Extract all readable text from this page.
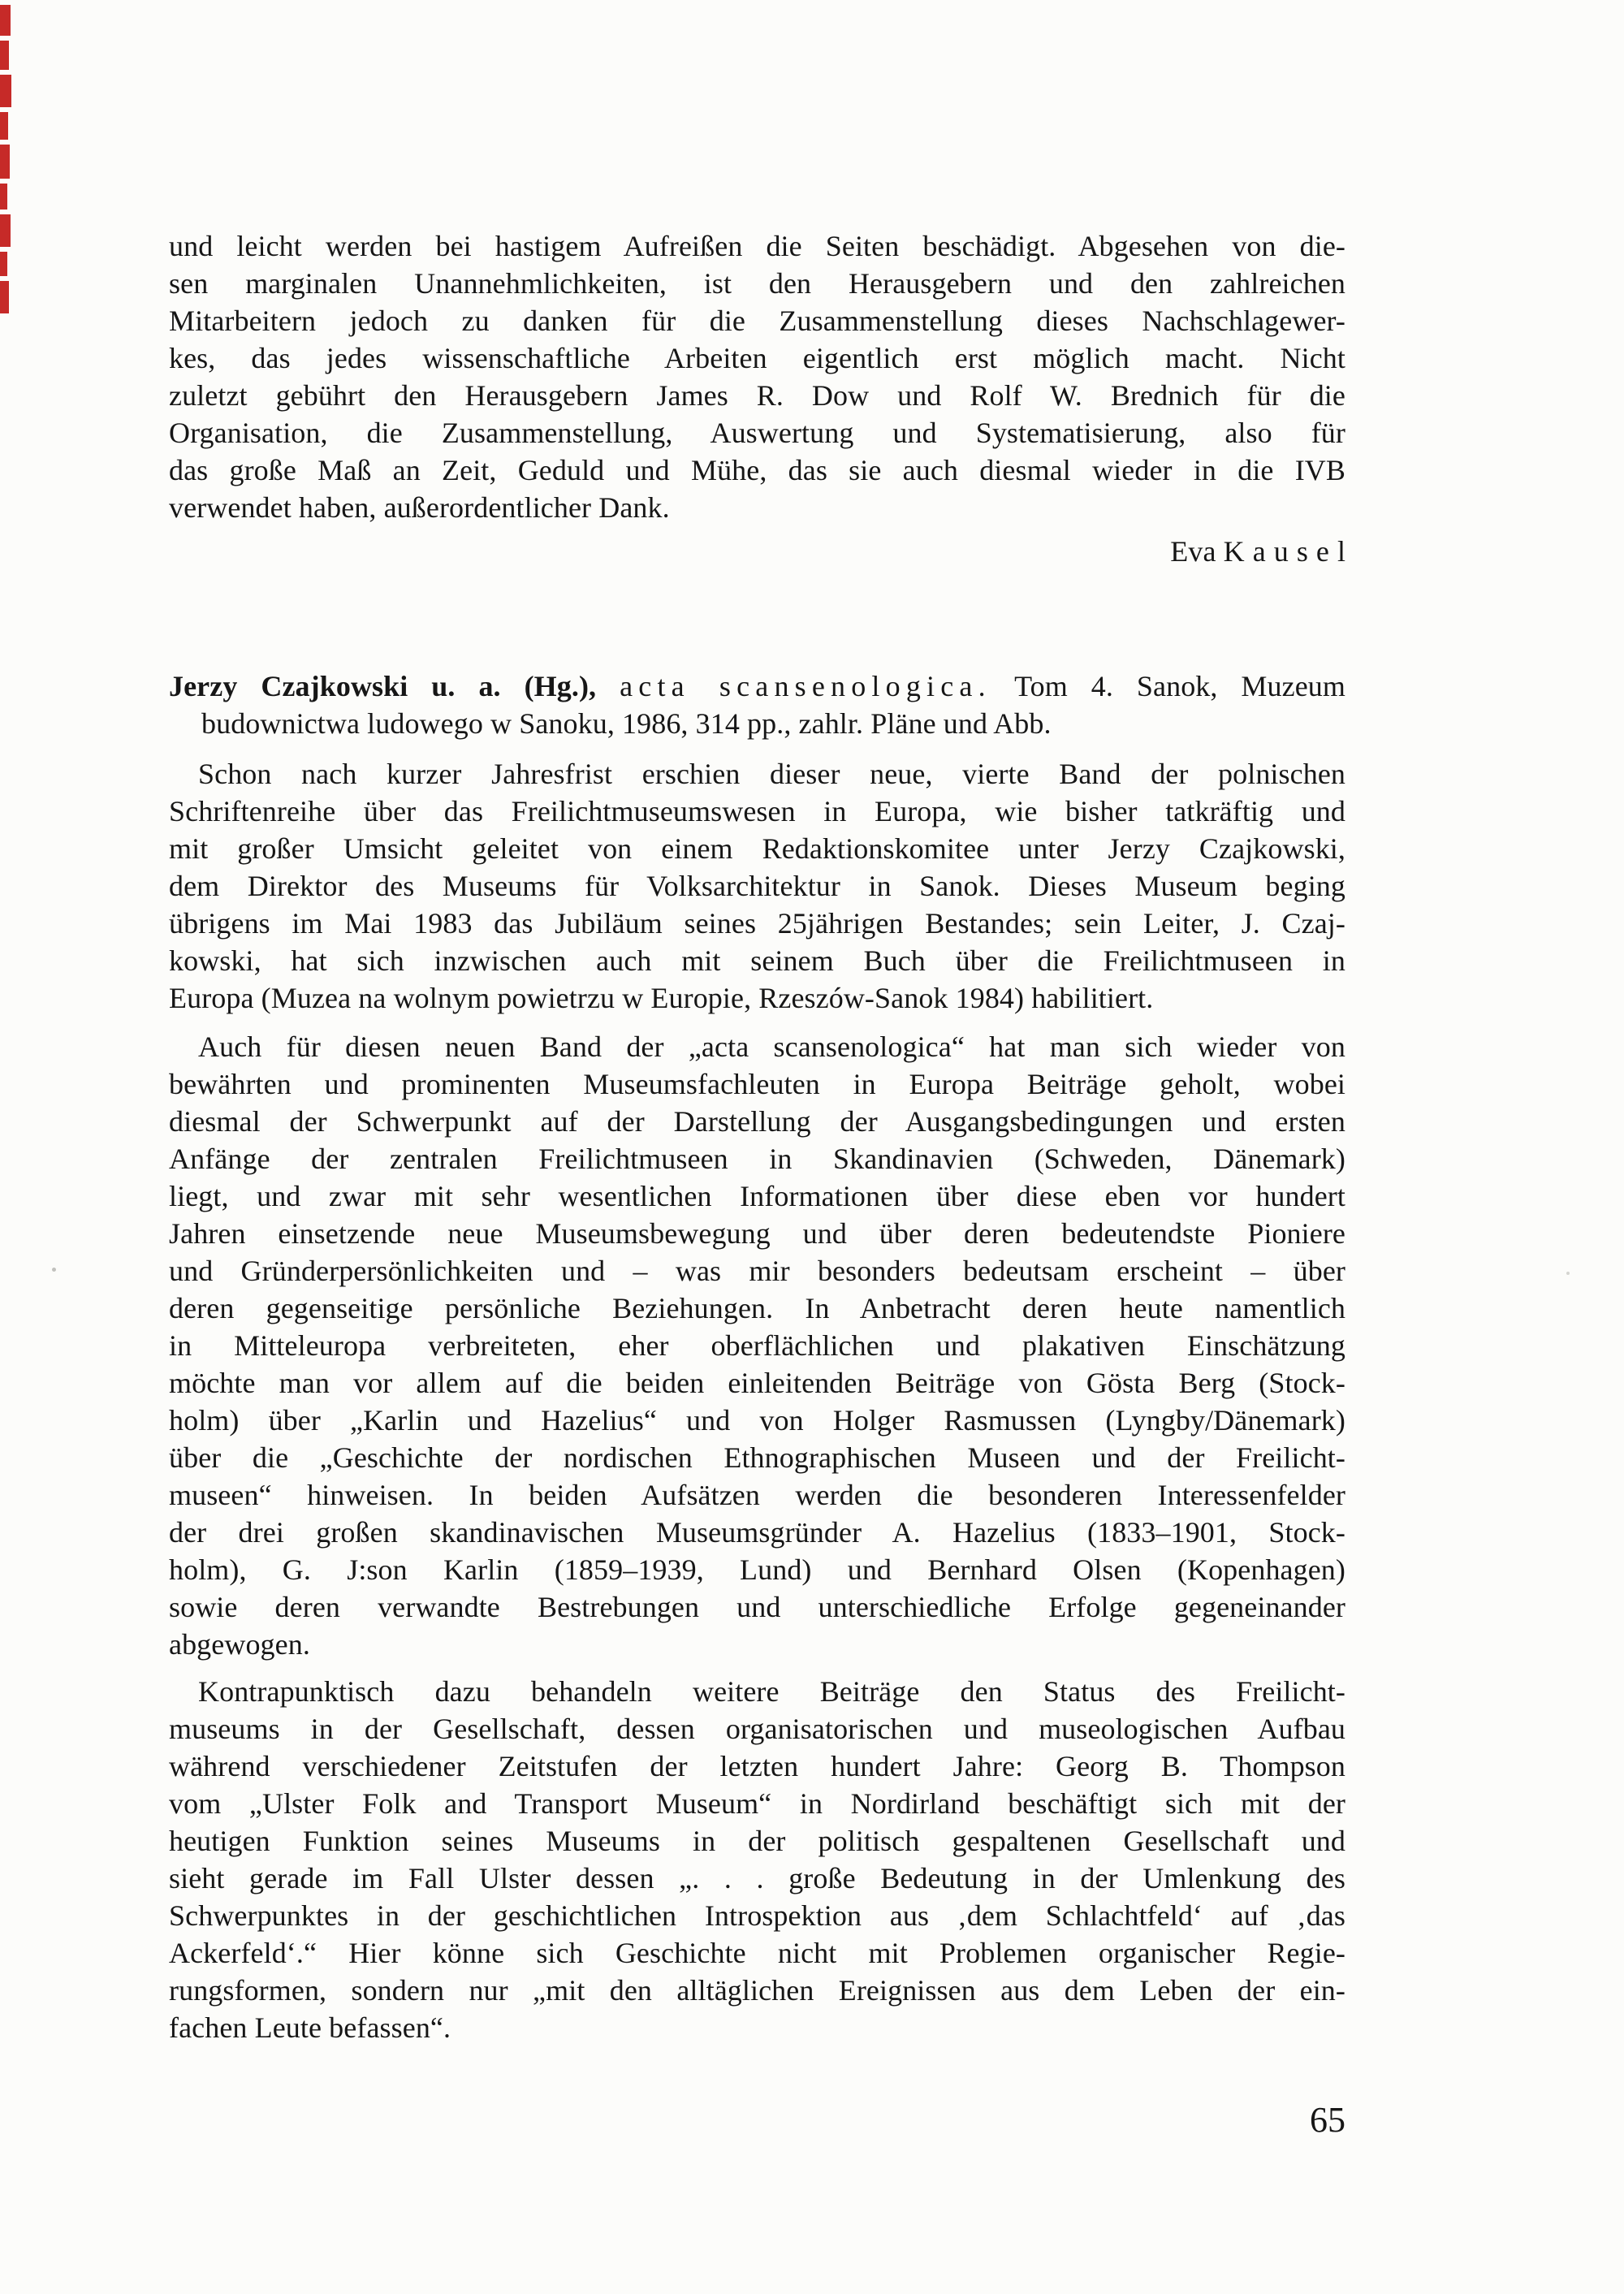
und leicht werden bei hastigem Aufreißen die Seiten beschädigt. Abgesehen von die-
sen marginalen Unannehmlichkeiten, ist den Herausgebern und den zahlreichen
Mitarbeitern jedoch zu danken für die Zusammenstellung dieses Nachschlagewer-
kes, das jedes wissenschaftliche Arbeiten eigentlich erst möglich macht. Nicht
zuletzt gebührt den Herausgebern James R. Dow und Rolf W. Brednich für die
Organisation, die Zusammenstellung, Auswertung und Systematisierung, also für
das große Maß an Zeit, Geduld und Mühe, das sie auch diesmal wieder in die IVB
verwendet haben, außerordentlicher Dank.
Eva Kausel
Jerzy Czajkowski u. a. (Hg.), acta scansenologica. Tom 4. Sanok, Muzeum
budownictwa ludowego w Sanoku, 1986, 314 pp., zahlr. Pläne und Abb.
Schon nach kurzer Jahresfrist erschien dieser neue, vierte Band der polnischen
Schriftenreihe über das Freilichtmuseumswesen in Europa, wie bisher tatkräftig und
mit großer Umsicht geleitet von einem Redaktionskomitee unter Jerzy Czajkowski,
dem Direktor des Museums für Volksarchitektur in Sanok. Dieses Museum beging
übrigens im Mai 1983 das Jubiläum seines 25jährigen Bestandes; sein Leiter, J. Czaj-
kowski, hat sich inzwischen auch mit seinem Buch über die Freilichtmuseen in
Europa (Muzea na wolnym powietrzu w Europie, Rzeszów-Sanok 1984) habilitiert.
Auch für diesen neuen Band der „acta scansenologica“ hat man sich wieder von
bewährten und prominenten Museumsfachleuten in Europa Beiträge geholt, wobei
diesmal der Schwerpunkt auf der Darstellung der Ausgangsbedingungen und ersten
Anfänge der zentralen Freilichtmuseen in Skandinavien (Schweden, Dänemark)
liegt, und zwar mit sehr wesentlichen Informationen über diese eben vor hundert
Jahren einsetzende neue Museumsbewegung und über deren bedeutendste Pioniere
und Gründerpersönlichkeiten und – was mir besonders bedeutsam erscheint – über
deren gegenseitige persönliche Beziehungen. In Anbetracht deren heute namentlich
in Mitteleuropa verbreiteten, eher oberflächlichen und plakativen Einschätzung
möchte man vor allem auf die beiden einleitenden Beiträge von Gösta Berg (Stock-
holm) über „Karlin und Hazelius“ und von Holger Rasmussen (Lyngby/Dänemark)
über die „Geschichte der nordischen Ethnographischen Museen und der Freilicht-
museen“ hinweisen. In beiden Aufsätzen werden die besonderen Interessenfelder
der drei großen skandinavischen Museumsgründer A. Hazelius (1833–1901, Stock-
holm), G. J:son Karlin (1859–1939, Lund) und Bernhard Olsen (Kopenhagen)
sowie deren verwandte Bestrebungen und unterschiedliche Erfolge gegeneinander
abgewogen.
Kontrapunktisch dazu behandeln weitere Beiträge den Status des Freilicht-
museums in der Gesellschaft, dessen organisatorischen und museologischen Aufbau
während verschiedener Zeitstufen der letzten hundert Jahre: Georg B. Thompson
vom „Ulster Folk and Transport Museum“ in Nordirland beschäftigt sich mit der
heutigen Funktion seines Museums in der politisch gespaltenen Gesellschaft und
sieht gerade im Fall Ulster dessen „. . . große Bedeutung in der Umlenkung des
Schwerpunktes in der geschichtlichen Introspektion aus ‚dem Schlachtfeld‘ auf ‚das
Ackerfeld‘.“ Hier könne sich Geschichte nicht mit Problemen organischer Regie-
rungsformen, sondern nur „mit den alltäglichen Ereignissen aus dem Leben der ein-
fachen Leute befassen“.
65
